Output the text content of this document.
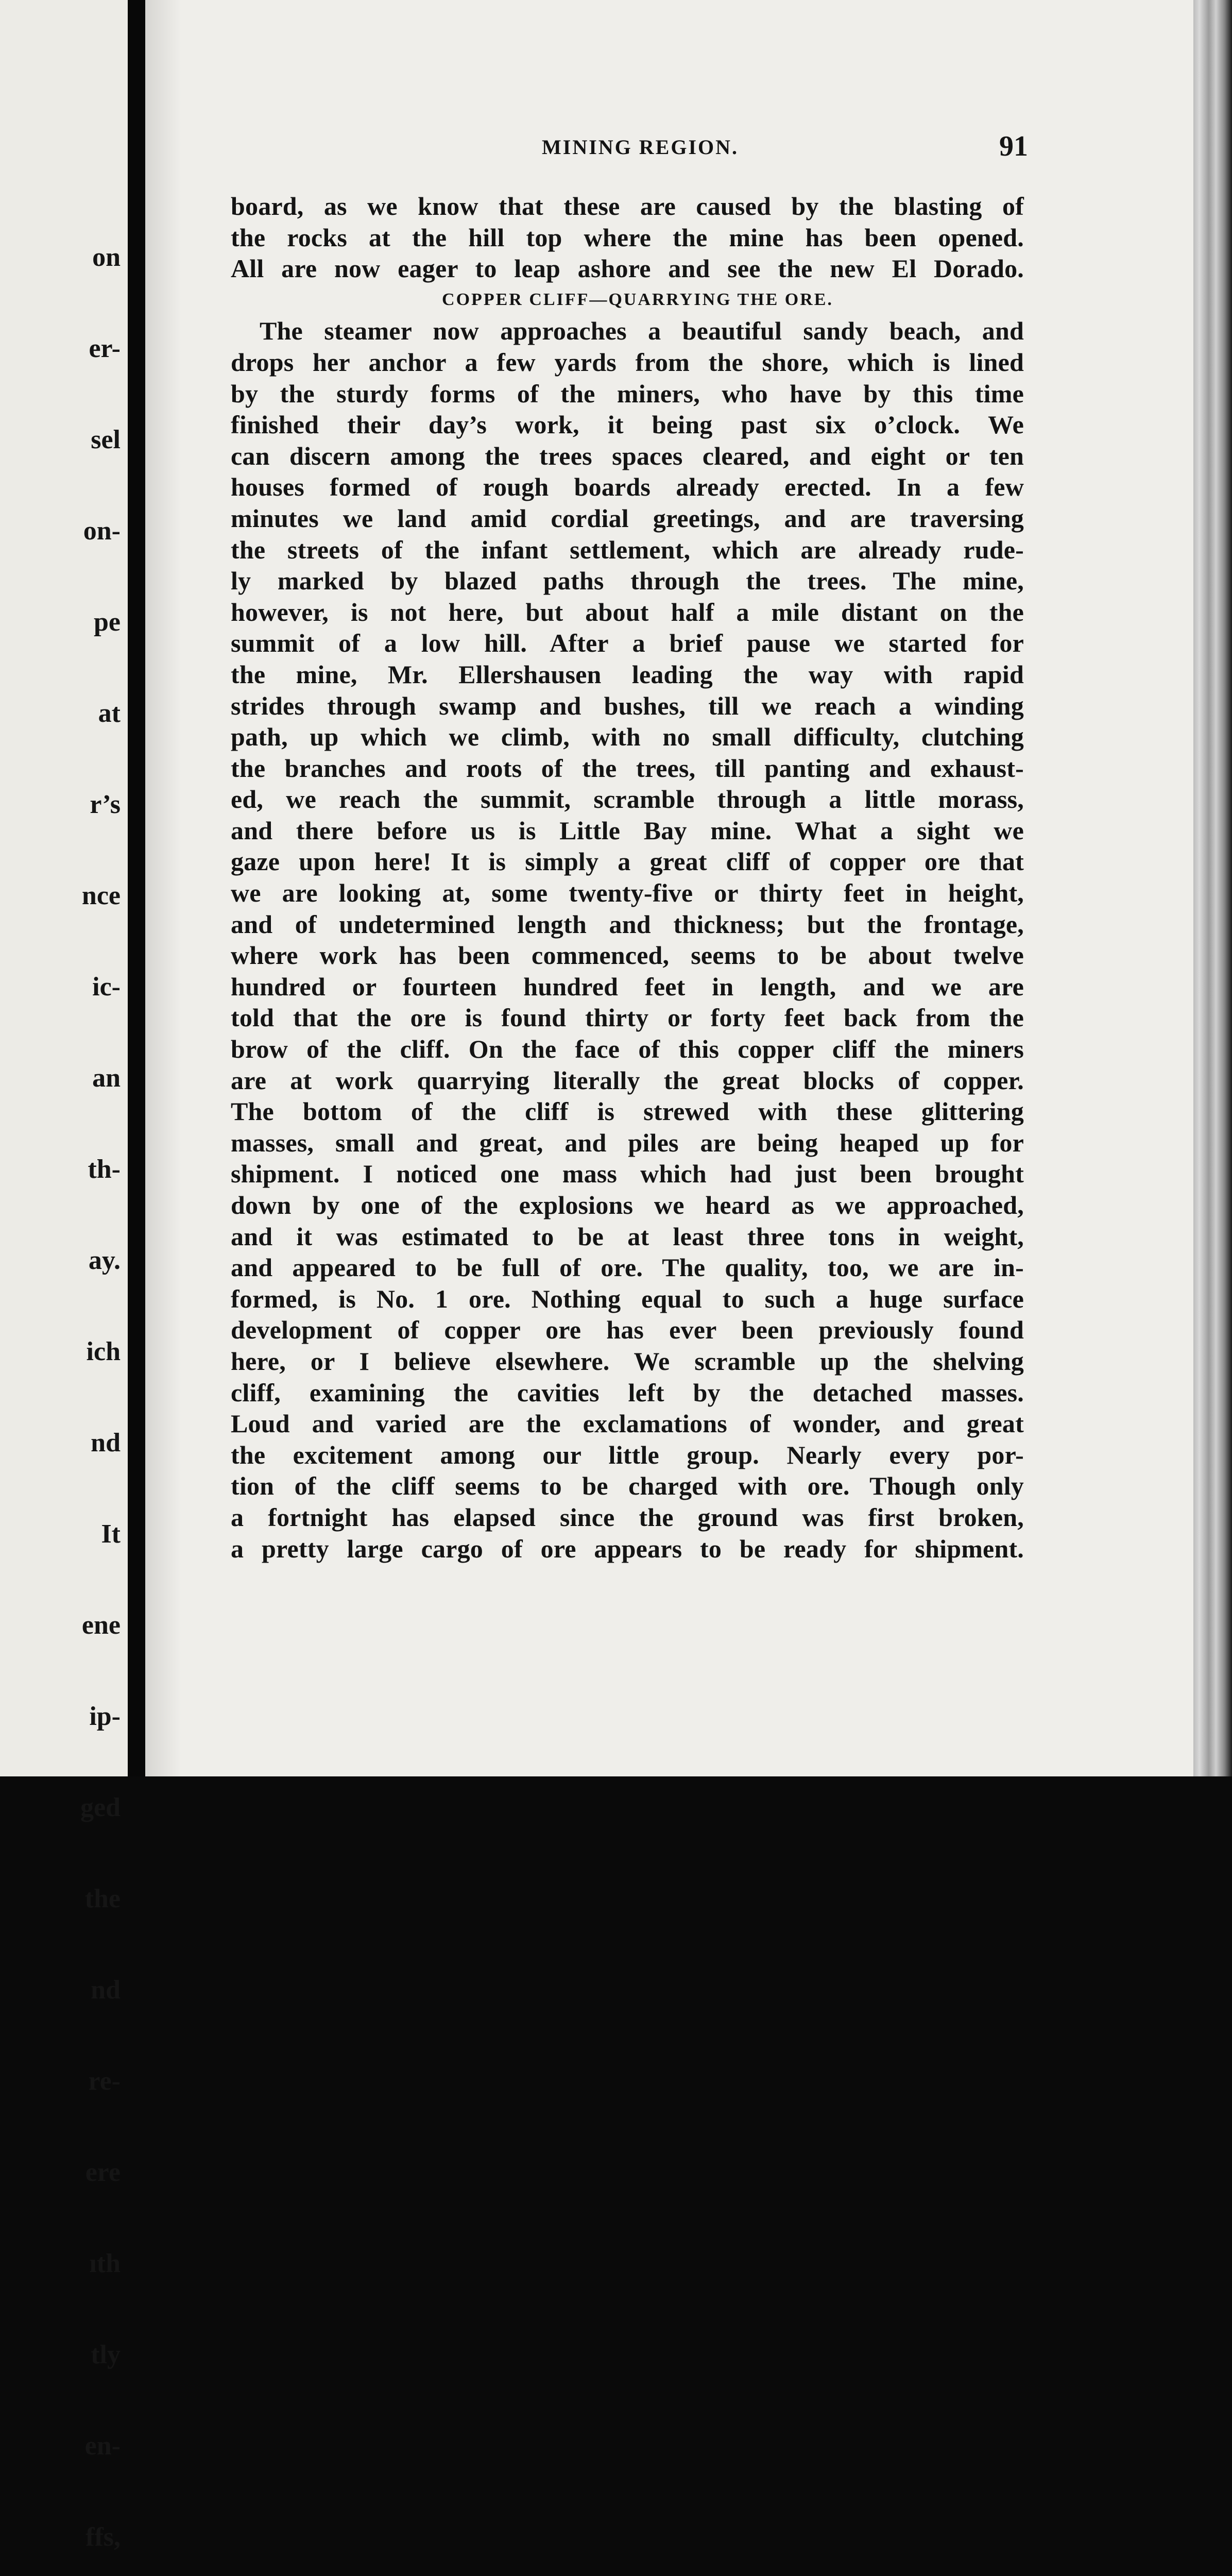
on

er-

sel

on-

pe

at

r’s

nce

ic-

an

th-

ay.

ich

nd

It

ene

ip-

ged

the

nd

re-

ere

ıth

tly

en-

ffs,

MINING REGION.	91
board, as we know that these are caused by the blasting of
the rocks at the hill top where the mine has been opened.
All are now eager to leap ashore and see the new El Dorado.
COPPER CLIFF—QUARRYING THE ORE.
The steamer now approaches a beautiful sandy beach, and
drops her anchor a few yards from the shore, which is lined
by the sturdy forms of the miners, who have by this time
finished their day’s work, it being past six o’clock. We
can discern among the trees spaces cleared, and eight or ten
houses formed of rough boards already erected. In a few
minutes we land amid cordial greetings, and are traversing
the streets of the infant settlement, which are already rude-
ly marked by blazed paths through the trees. The mine,
however, is not here, but about half a mile distant on the
summit of a low hill. After a brief pause we started for
the mine, Mr. Ellershausen leading the way with rapid
strides through swamp and bushes, till we reach a winding
path, up which we climb, with no small difficulty, clutching
the branches and roots of the trees, till panting and exhaust-
ed, we reach the summit, scramble through a little morass,
and there before us is Little Bay mine. What a sight we
gaze upon here! It is simply a great cliff of copper ore that
we are looking at, some twenty-five or thirty feet in height,
and of undetermined length and thickness; but the frontage,
where work has been commenced, seems to be about twelve
hundred or fourteen hundred feet in length, and we are
told that the ore is found thirty or forty feet back from the
brow of the cliff. On the face of this copper cliff the miners
are at work quarrying literally the great blocks of copper.
The bottom of the cliff is strewed with these glittering
masses, small and great, and piles are being heaped up for
shipment. I noticed one mass which had just been brought
down by one of the explosions we heard as we approached,
and it was estimated to be at least three tons in weight,
and appeared to be full of ore. The quality, too, we are in-
formed, is No. 1 ore. Nothing equal to such a huge surface
development of copper ore has ever been previously found
here, or I believe elsewhere. We scramble up the shelving
cliff, examining the cavities left by the detached masses.
Loud and varied are the exclamations of wonder, and great
the excitement among our little group. Nearly every por-
tion of the cliff seems to be charged with ore. Though only
a fortnight has elapsed since the ground was first broken,
a pretty large cargo of ore appears to be ready for shipment.
